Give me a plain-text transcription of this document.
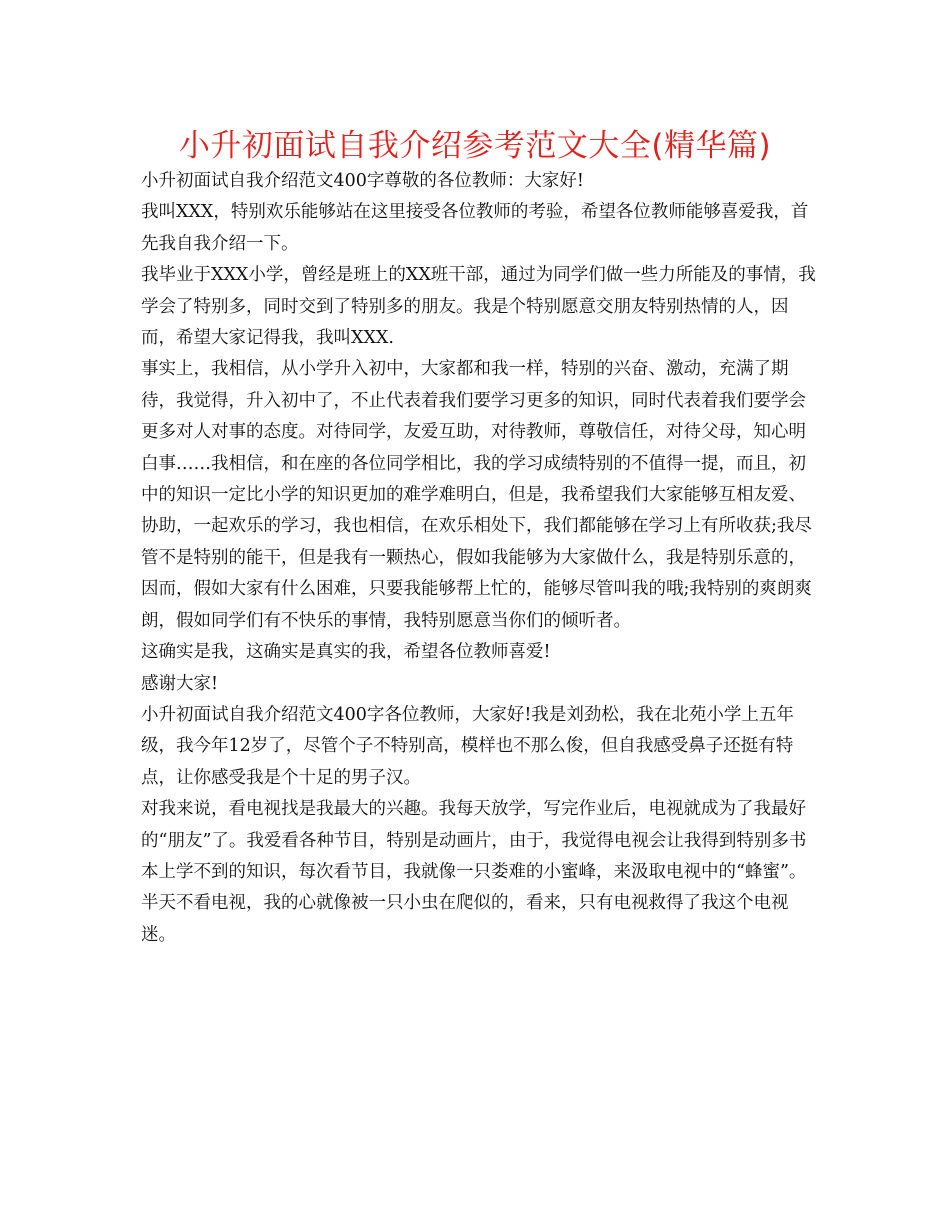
小升初面试自我介绍参考范文大全(精华篇)

小升初面试自我介绍范文400字尊敬的各位教师：大家好!

我叫XXX，特别欢乐能够站在这里接受各位教师的考验，希望各位教师能够喜爱我，首先我自我介绍一下。

我毕业于XXX小学，曾经是班上的XX班干部，通过为同学们做一些力所能及的事情，我学会了特别多，同时交到了特别多的朋友。我是个特别愿意交朋友特别热情的人，因而，希望大家记得我，我叫XXX.

事实上，我相信，从小学升入初中，大家都和我一样，特别的兴奋、激动，充满了期待，我觉得，升入初中了，不止代表着我们要学习更多的知识，同时代表着我们要学会更多对人对事的态度。对待同学，友爱互助，对待教师，尊敬信任，对待父母，知心明白事……我相信，和在座的各位同学相比，我的学习成绩特别的不值得一提，而且，初中的知识一定比小学的知识更加的难学难明白，但是，我希望我们大家能够互相友爱、协助，一起欢乐的学习，我也相信，在欢乐相处下，我们都能够在学习上有所收获;我尽管不是特别的能干，但是我有一颗热心，假如我能够为大家做什么，我是特别乐意的，因而，假如大家有什么困难，只要我能够帮上忙的，能够尽管叫我的哦;我特别的爽朗爽朗，假如同学们有不快乐的事情，我特别愿意当你们的倾听者。

这确实是我，这确实是真实的我，希望各位教师喜爱!

感谢大家!

小升初面试自我介绍范文400字各位教师，大家好!我是刘劲松，我在北苑小学上五年级，我今年12岁了，尽管个子不特别高，模样也不那么俊，但自我感受鼻子还挺有特点，让你感受我是个十足的男子汉。

对我来说，看电视找是我最大的兴趣。我每天放学，写完作业后，电视就成为了我最好的“朋友”了。我爱看各种节目，特别是动画片，由于，我觉得电视会让我得到特别多书本上学不到的知识，每次看节目，我就像一只娄难的小蜜峰，来汲取电视中的“蜂蜜”。半天不看电视，我的心就像被一只小虫在爬似的，看来，只有电视救得了我这个电视迷。
